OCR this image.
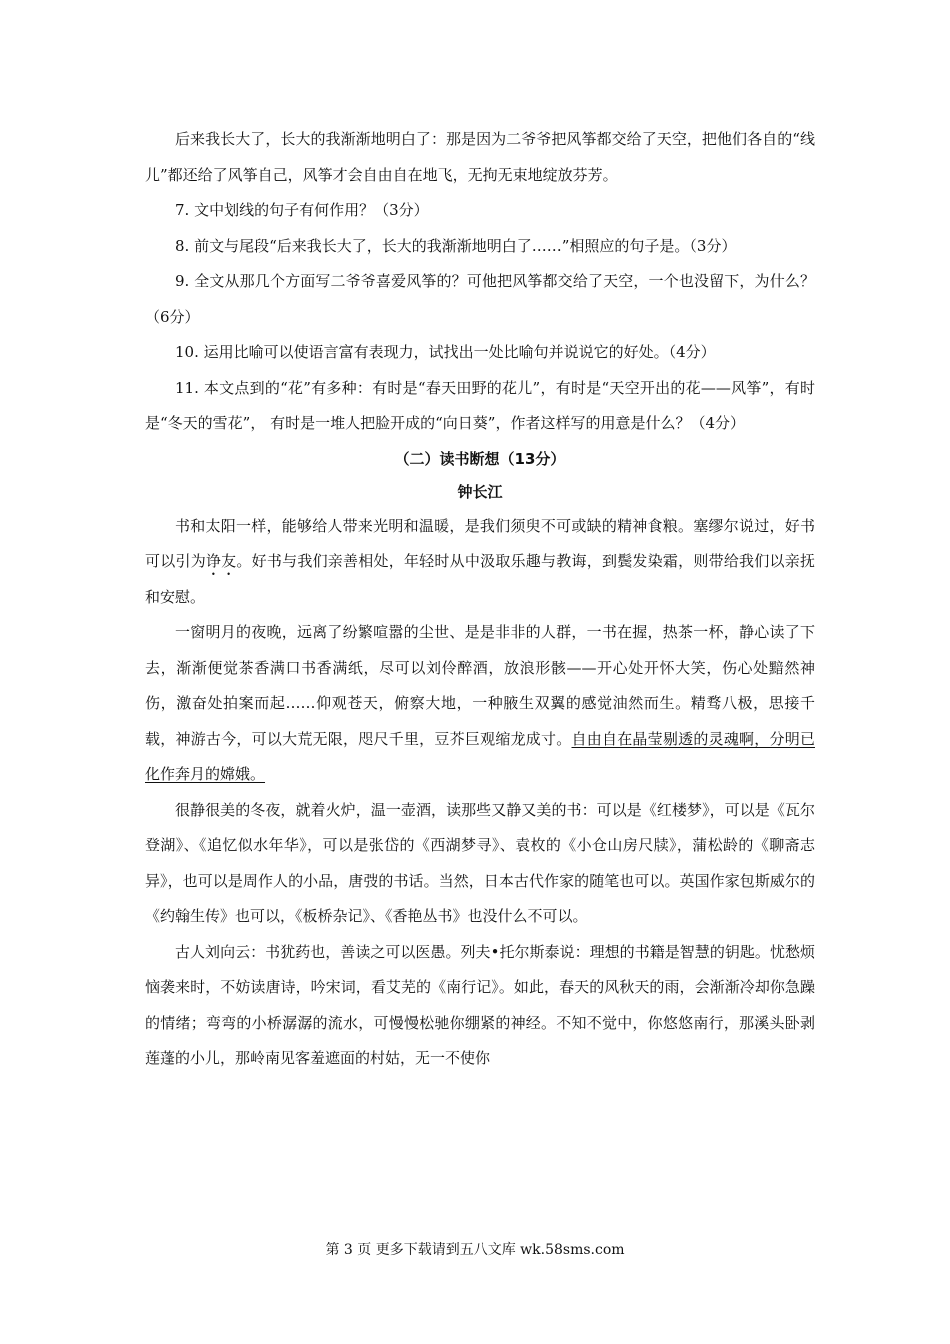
后来我长大了，长大的我渐渐地明白了：那是因为二爷爷把风筝都交给了天空，把他们各自的“线儿”都还给了风筝自己，风筝才会自由自在地飞，无拘无束地绽放芬芳。

7. 文中划线的句子有何作用？（3分）

8. 前文与尾段“后来我长大了，长大的我渐渐地明白了……”相照应的句子是。（3分）

9. 全文从那几个方面写二爷爷喜爱风筝的？可他把风筝都交给了天空，一个也没留下，为什么？（6分）

10. 运用比喻可以使语言富有表现力，试找出一处比喻句并说说它的好处。（4分）

11. 本文点到的“花”有多种：有时是“春天田野的花儿”，有时是“天空开出的花——风筝”，有时是“冬天的雪花”， 有时是一堆人把脸开成的“向日葵”，作者这样写的用意是什么？（4分）

（二）读书断想（13分）

钟长江

书和太阳一样，能够给人带来光明和温暖，是我们须臾不可或缺的精神食粮。塞缪尔说过，好书可以引为诤友。好书与我们亲善相处，年轻时从中汲取乐趣与教诲，到鬓发染霜，则带给我们以亲抚和安慰。

一窗明月的夜晚，远离了纷繁喧嚣的尘世、是是非非的人群，一书在握，热茶一杯，静心读了下去，渐渐便觉茶香满口书香满纸，尽可以刘伶醉酒，放浪形骸——开心处开怀大笑，伤心处黯然神伤，激奋处拍案而起……仰观苍天，俯察大地，一种腋生双翼的感觉油然而生。精骛八极，思接千载，神游古今，可以大荒无限，咫尺千里，豆芥巨观缩龙成寸。自由自在晶莹剔透的灵魂啊，分明已化作奔月的嫦娥。

很静很美的冬夜，就着火炉，温一壶酒，读那些又静又美的书：可以是《红楼梦》，可以是《瓦尔登湖》、《追忆似水年华》，可以是张岱的《西湖梦寻》、袁枚的《小仓山房尺牍》，蒲松龄的《聊斋志异》，也可以是周作人的小品，唐弢的书话。当然，日本古代作家的随笔也可以。英国作家包斯威尔的《约翰生传》也可以，《板桥杂记》、《香艳丛书》也没什么不可以。

古人刘向云：书犹药也，善读之可以医愚。列夫•托尔斯泰说：理想的书籍是智慧的钥匙。忧愁烦恼袭来时，不妨读唐诗，吟宋词，看艾芜的《南行记》。如此，春天的风秋天的雨，会渐渐冷却你急躁的情绪；弯弯的小桥潺潺的流水，可慢慢松驰你绷紧的神经。不知不觉中，你悠悠南行，那溪头卧剥莲蓬的小儿，那岭南见客羞遮面的村姑，无一不使你

第 3 页 更多下载请到五八文库 wk.58sms.com
